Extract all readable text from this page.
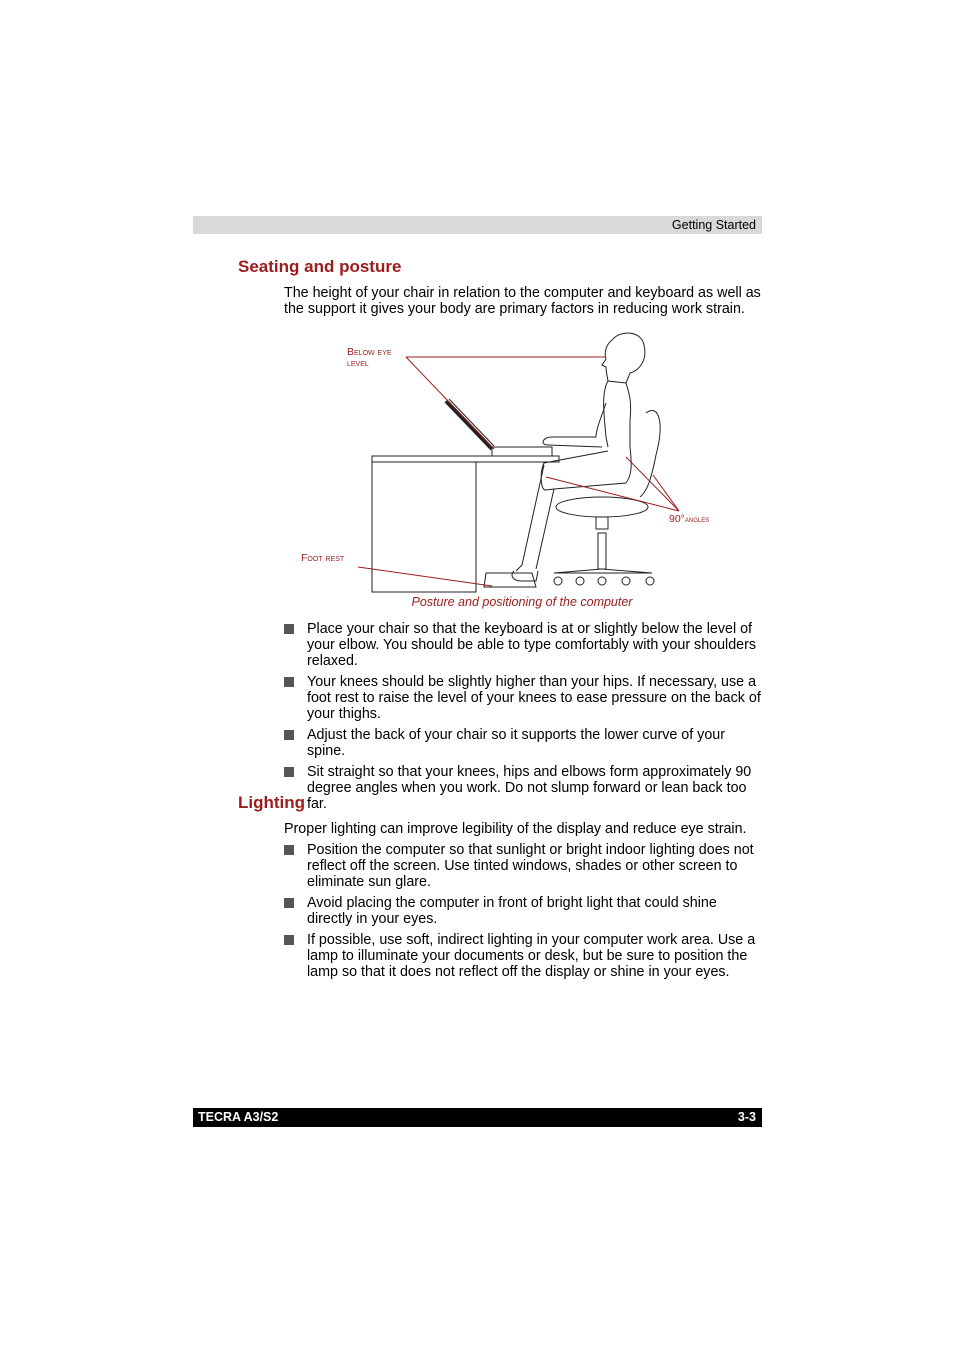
Getting Started
Seating and posture
The height of your chair in relation to the computer and keyboard as well as the support it gives your body are primary factors in reducing work strain.
Below eye
level
90°angles
Foot rest
Posture and positioning of the computer
Place your chair so that the keyboard is at or slightly below the level of your elbow. You should be able to type comfortably with your shoulders relaxed.
Your knees should be slightly higher than your hips. If necessary, use a foot rest to raise the level of your knees to ease pressure on the back of your thighs.
Adjust the back of your chair so it supports the lower curve of your spine.
Sit straight so that your knees, hips and elbows form approximately 90 degree angles when you work. Do not slump forward or lean back too far.
Lighting
Proper lighting can improve legibility of the display and reduce eye strain.
Position the computer so that sunlight or bright indoor lighting does not reflect off the screen. Use tinted windows, shades or other screen to eliminate sun glare.
Avoid placing the computer in front of bright light that could shine directly in your eyes.
If possible, use soft, indirect lighting in your computer work area. Use a lamp to illuminate your documents or desk, but be sure to position the lamp so that it does not reflect off the display or shine in your eyes.
TECRA A3/S2	3-3
